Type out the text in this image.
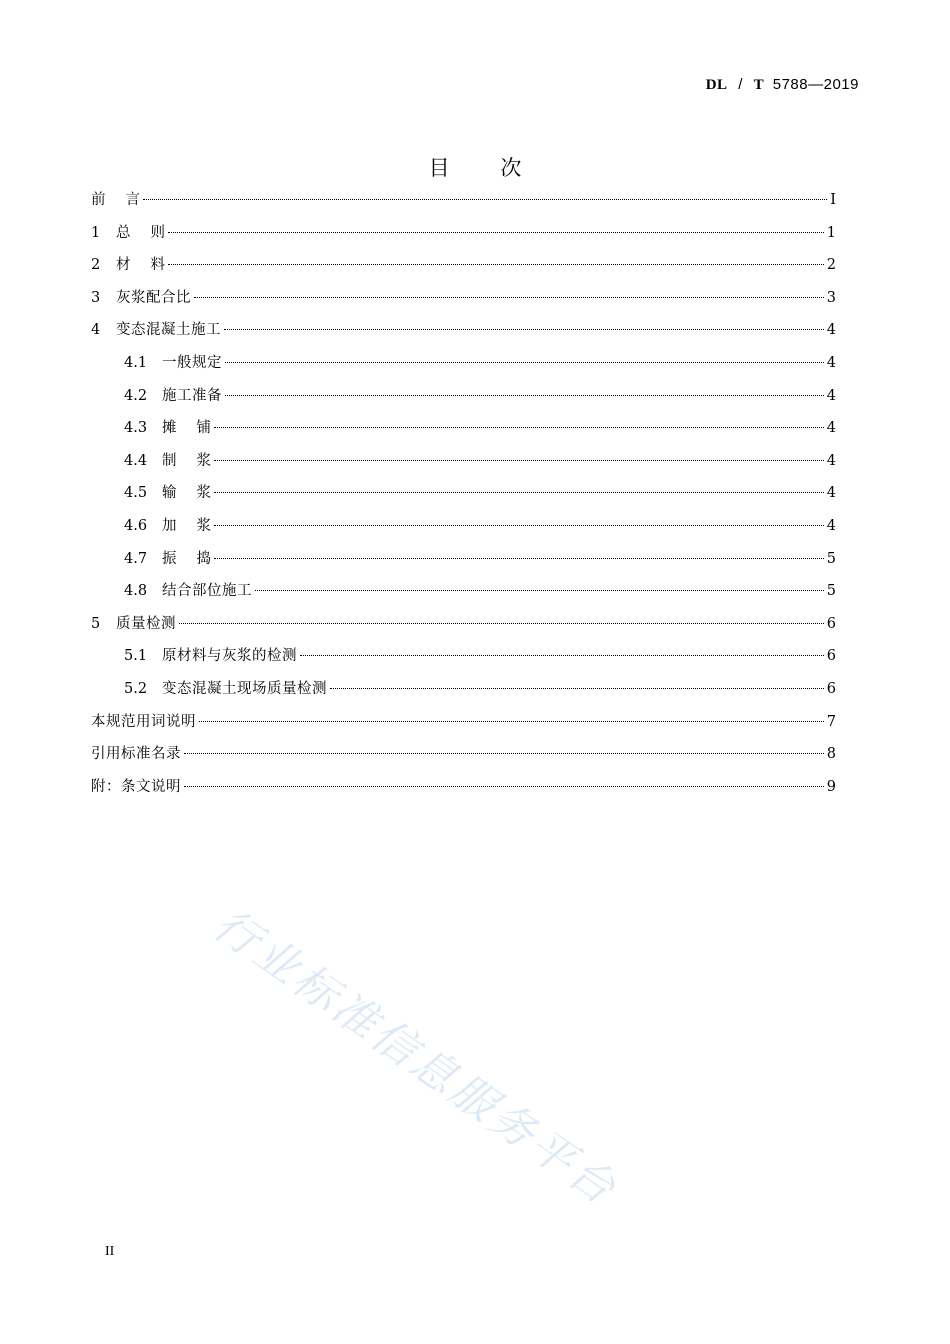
DL / T 5788—2019
目 次
前言	I
1	总则	1
2	材料	2
3	灰浆配合比	3
4	变态混凝土施工	4
4.1	一般规定	4
4.2	施工准备	4
4.3	摊铺	4
4.4	制浆	4
4.5	输浆	4
4.6	加浆	4
4.7	振捣	5
4.8	结合部位施工	5
5	质量检测	6
5.1	原材料与灰浆的检测	6
5.2	变态混凝土现场质量检测	6
本规范用词说明	7
引用标准名录	8
附：条文说明	9
行业标准信息服务平台
II
